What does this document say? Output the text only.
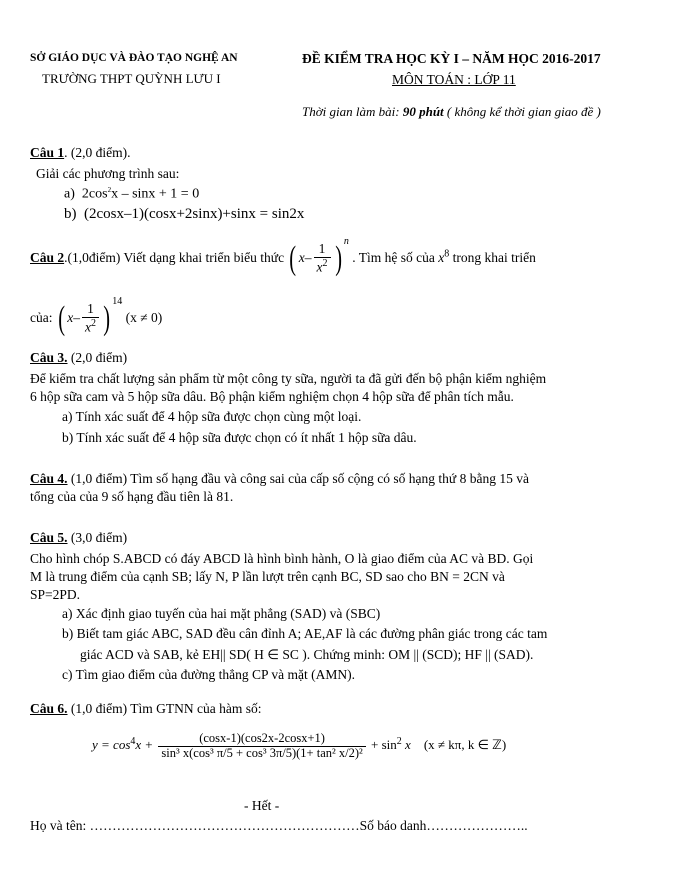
SỞ GIÁO DỤC VÀ ĐÀO TẠO NGHỆ AN
TRƯỜNG THPT QUỲNH LƯU I
ĐỀ KIỂM TRA HỌC KỲ I – NĂM HỌC 2016-2017
MÔN TOÁN : LỚP 11
Thời gian làm bài: 90 phút ( không kể thời gian giao đề )
Câu 1. (2,0 điểm).
Giải các phương trình sau:
a) $2\cos^2x - \sin x + 1 = 0$
b) (2cosx–1)(cosx+2sinx)+sinx = sin2x
Câu 2.(1,0điểm) Viết dạng khai triển biểu thức ( $x- \frac{1}{x^2}$ ) $^n$ . Tìm hệ số của $x^8$ trong khai triển
của: ( $x- \frac{1}{x^2}$ ) $^{14}$ (x ≠ 0)
Câu 3. (2,0 điểm)
Để kiểm tra chất lượng sản phẩm từ một công ty sữa, người ta đã gửi đến bộ phận kiểm nghiệm
6 hộp sữa cam và 5 hộp sữa dâu. Bộ phận kiểm nghiệm chọn 4 hộp sữa để phân tích mẫu.
a) Tính xác suất để 4 hộp sữa được chọn cùng một loại.
b) Tính xác suất để 4 hộp sữa được chọn có ít nhất 1 hộp sữa dâu.
Câu 4. (1,0 điểm) Tìm số hạng đầu và công sai của cấp số cộng có số hạng thứ 8 bằng 15 và
tổng của của 9 số hạng đầu tiên là 81.
Câu 5. (3,0 điểm)
Cho hình chóp S.ABCD có đáy ABCD là hình bình hành, O là giao điểm của AC và BD. Gọi
M là trung điểm của cạnh SB; lấy N, P lần lượt trên cạnh BC, SD sao cho BN = 2CN và
SP=2PD.
a) Xác định giao tuyến của hai mặt phẳng (SAD) và (SBC)
b) Biết tam giác ABC, SAD đều cân đỉnh A; AE,AF là các đường phân giác trong các tam
giác ACD và SAB, kẻ EH|| SD( H ∈ SC ). Chứng minh: OM || (SCD); HF || (SAD).
c) Tìm giao điểm của đường thẳng CP và mặt (AMN).
Câu 6. (1,0 điểm) Tìm GTNN của hàm số:
$y = \cos^4x + \frac{(\cos x-1)(\cos 2x-2\cos x+1)}{\text{sin³ x(cos³ π/5 + cos³ 3π/5)(1+ tan² x/2)²}} + \sin^2 x$ (x ≠ kπ, k ∈ ℤ)
- Hết -
Họ và tên: ……………………………………………………Số báo danh…………………..
